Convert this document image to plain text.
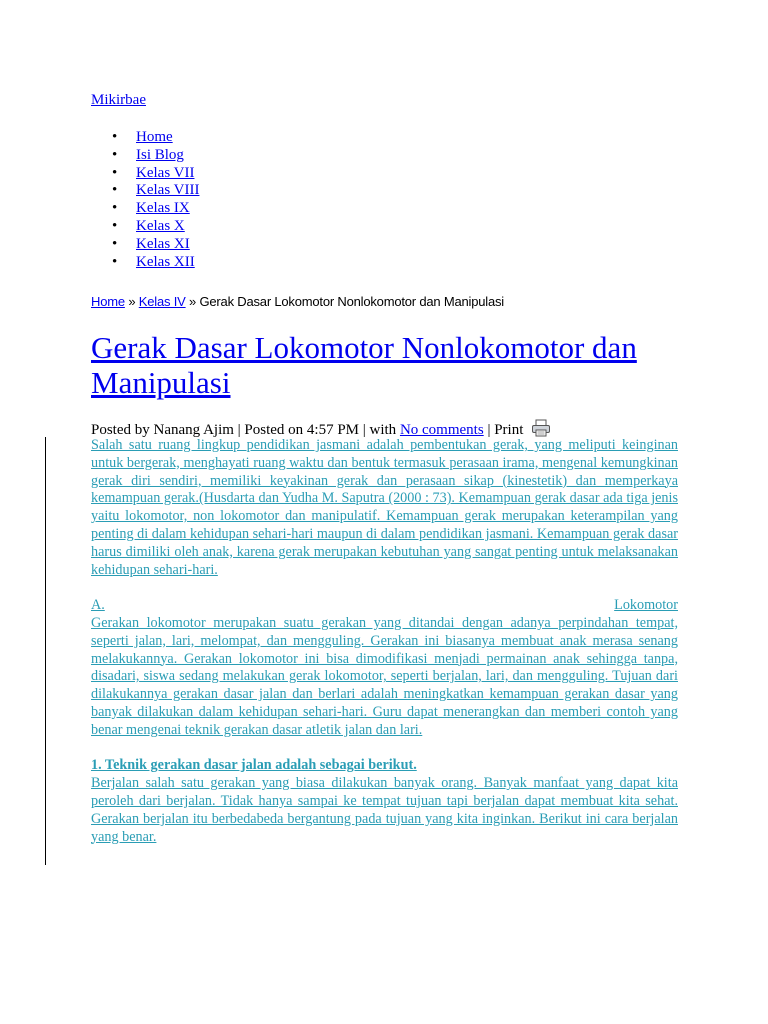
Mikirbae
• Home
• Isi Blog
• Kelas VII
• Kelas VIII
• Kelas IX
• Kelas X
• Kelas XI
• Kelas XII
Home » Kelas IV » Gerak Dasar Lokomotor Nonlokomotor dan Manipulasi
Gerak Dasar Lokomotor Nonlokomotor dan Manipulasi
Posted by Nanang Ajim | Posted on 4:57 PM | with No comments | Print

Salah satu ruang lingkup pendidikan jasmani adalah pembentukan gerak, yang meliputi keinginan untuk bergerak, menghayati ruang waktu dan bentuk termasuk perasaan irama, mengenal kemungkinan gerak diri sendiri, memiliki keyakinan gerak dan perasaan sikap (kinestetik) dan memperkaya kemampuan gerak.(Husdarta dan Yudha M. Saputra (2000 : 73). Kemampuan gerak dasar ada tiga jenis yaitu lokomotor, non lokomotor dan manipulatif. Kemampuan gerak merupakan keterampilan yang penting di dalam kehidupan sehari-hari maupun di dalam pendidikan jasmani. Kemampuan gerak dasar harus dimiliki oleh anak, karena gerak merupakan kebutuhan yang sangat penting untuk melaksanakan kehidupan sehari-hari.

A.	Lokomotor

Gerakan lokomotor merupakan suatu gerakan yang ditandai dengan adanya perpindahan tempat, seperti jalan, lari, melompat, dan mengguling. Gerakan ini biasanya membuat anak merasa senang melakukannya. Gerakan lokomotor ini bisa dimodifikasi menjadi permainan anak sehingga tanpa, disadari, siswa sedang melakukan gerak lokomotor, seperti berjalan, lari, dan mengguling. Tujuan dari dilakukannya gerakan dasar jalan dan berlari adalah meningkatkan kemampuan gerakan dasar yang banyak dilakukan dalam kehidupan sehari-hari. Guru dapat menerangkan dan memberi contoh yang benar mengenai teknik gerakan dasar atletik jalan dan lari.

1. Teknik gerakan dasar jalan adalah sebagai berikut.

Berjalan salah satu gerakan yang biasa dilakukan banyak orang. Banyak manfaat yang dapat kita peroleh dari berjalan. Tidak hanya sampai ke tempat tujuan tapi berjalan dapat membuat kita sehat. Gerakan berjalan itu berbedabeda bergantung pada tujuan yang kita inginkan. Berikut ini cara berjalan yang benar.
